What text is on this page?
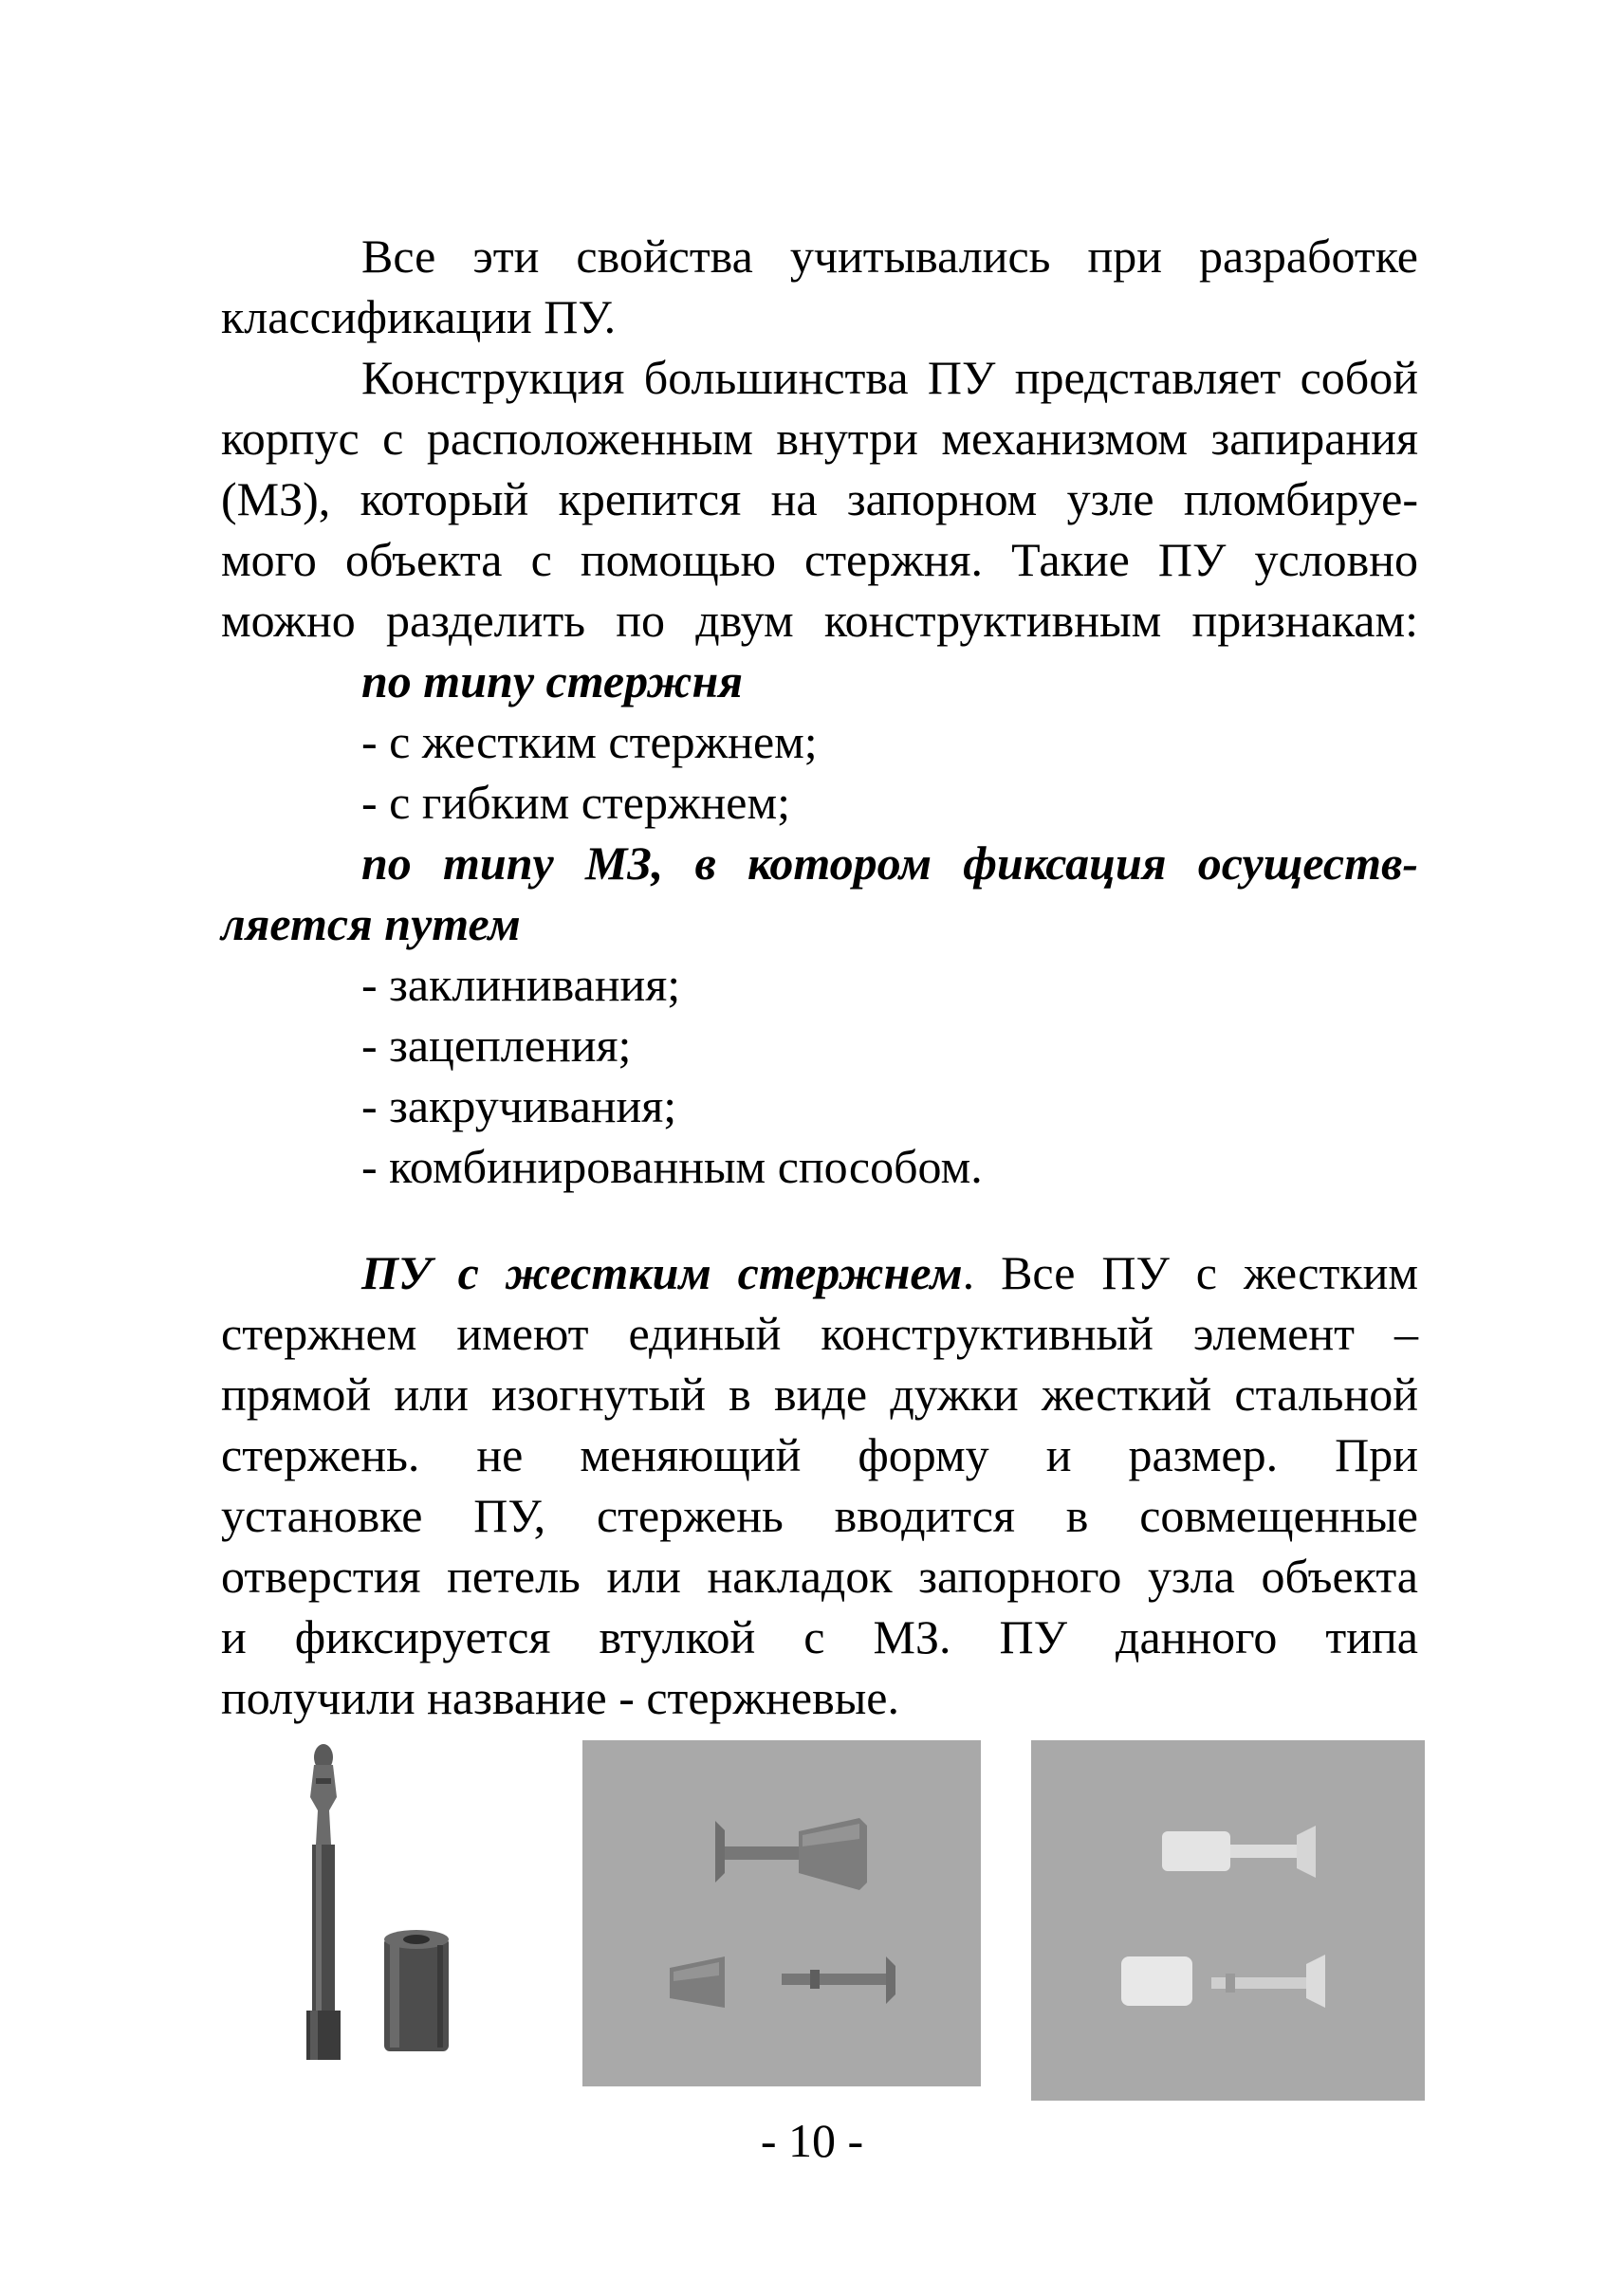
Все эти свойства учитывались при разработке
классификации ПУ.
Конструкция большинства ПУ представляет собой
корпус с расположенным внутри механизмом запирания
(МЗ), который крепится на запорном узле пломбируе-
мого объекта с помощью стержня. Такие ПУ условно
можно разделить по двум конструктивным признакам:
по типу стержня
- с жестким стержнем;
- с гибким стержнем;
по типу МЗ, в котором фиксация осуществ-
ляется путем
- заклинивания;
- зацепления;
- закручивания;
- комбинированным способом.
ПУ с жестким стержнем. Все ПУ с жестким
стержнем имеют единый конструктивный элемент –
прямой или изогнутый в виде дужки жесткий стальной
стержень. не меняющий форму и размер. При
установке ПУ, стержень вводится в совмещенные
отверстия петель или накладок запорного узла объекта
и фиксируется втулкой с МЗ. ПУ данного типа
получили название - стержневые.
- 10 -
